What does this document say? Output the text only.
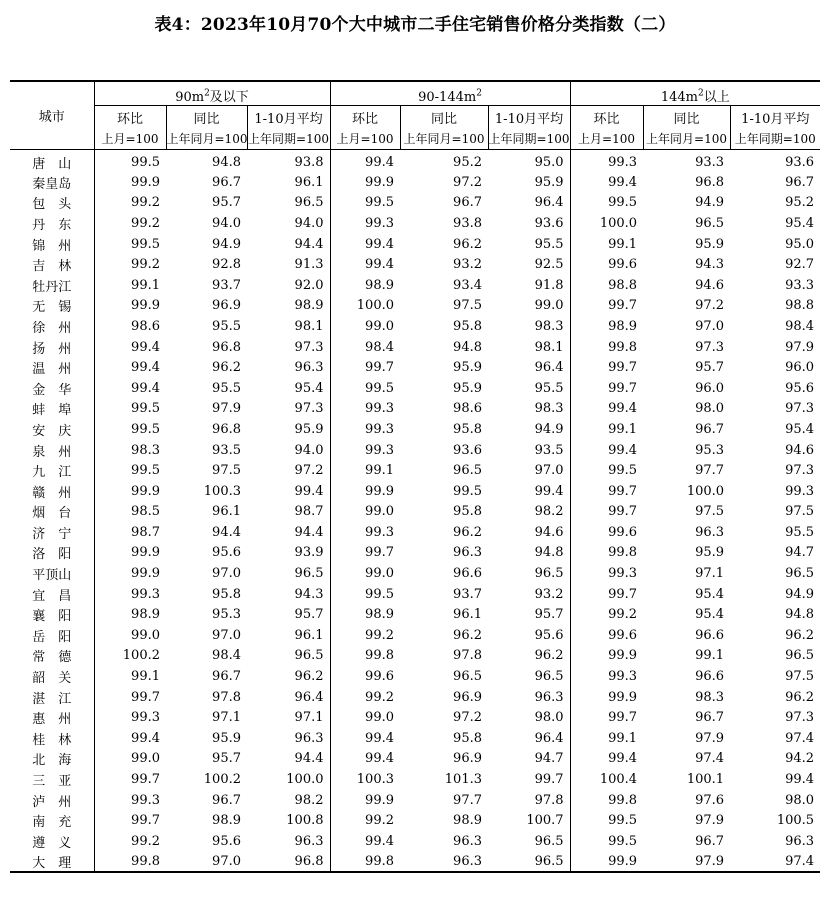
表4：2023年10月70个大中城市二手住宅销售价格分类指数（二）
城市	$90m^2$及以下			$90-144m^2$			$144m^2$以上		
	环比	同比	1-10月平均	环比	同比	1-10月平均	环比	同比	1-10月平均
	上月=100	上年同月=100	上年同期=100	上月=100	上年同月=100	上年同期=100	上月=100	上年同月=100	上年同期=100
唐　山	99.5	94.8	93.8	99.4	95.2	95.0	99.3	93.3	93.6
秦皇岛	99.9	96.7	96.1	99.9	97.2	95.9	99.4	96.8	96.7
包　头	99.2	95.7	96.5	99.5	96.7	96.4	99.5	94.9	95.2
丹　东	99.2	94.0	94.0	99.3	93.8	93.6	100.0	96.5	95.4
锦　州	99.5	94.9	94.4	99.4	96.2	95.5	99.1	95.9	95.0
吉　林	99.2	92.8	91.3	99.4	93.2	92.5	99.6	94.3	92.7
牡丹江	99.1	93.7	92.0	98.9	93.4	91.8	98.8	94.6	93.3
无　锡	99.9	96.9	98.9	100.0	97.5	99.0	99.7	97.2	98.8
徐　州	98.6	95.5	98.1	99.0	95.8	98.3	98.9	97.0	98.4
扬　州	99.4	96.8	97.3	98.4	94.8	98.1	99.8	97.3	97.9
温　州	99.4	96.2	96.3	99.7	95.9	96.4	99.7	95.7	96.0
金　华	99.4	95.5	95.4	99.5	95.9	95.5	99.7	96.0	95.6
蚌　埠	99.5	97.9	97.3	99.3	98.6	98.3	99.4	98.0	97.3
安　庆	99.5	96.8	95.9	99.3	95.8	94.9	99.1	96.7	95.4
泉　州	98.3	93.5	94.0	99.3	93.6	93.5	99.4	95.3	94.6
九　江	99.5	97.5	97.2	99.1	96.5	97.0	99.5	97.7	97.3
赣　州	99.9	100.3	99.4	99.9	99.5	99.4	99.7	100.0	99.3
烟　台	98.5	96.1	98.7	99.0	95.8	98.2	99.7	97.5	97.5
济　宁	98.7	94.4	94.4	99.3	96.2	94.6	99.6	96.3	95.5
洛　阳	99.9	95.6	93.9	99.7	96.3	94.8	99.8	95.9	94.7
平顶山	99.9	97.0	96.5	99.0	96.6	96.5	99.3	97.1	96.5
宜　昌	99.3	95.8	94.3	99.5	93.7	93.2	99.7	95.4	94.9
襄　阳	98.9	95.3	95.7	98.9	96.1	95.7	99.2	95.4	94.8
岳　阳	99.0	97.0	96.1	99.2	96.2	95.6	99.6	96.6	96.2
常　德	100.2	98.4	96.5	99.8	97.8	96.2	99.9	99.1	96.5
韶　关	99.1	96.7	96.2	99.6	96.5	96.5	99.3	96.6	97.5
湛　江	99.7	97.8	96.4	99.2	96.9	96.3	99.9	98.3	96.2
惠　州	99.3	97.1	97.1	99.0	97.2	98.0	99.7	96.7	97.3
桂　林	99.4	95.9	96.3	99.4	95.8	96.4	99.1	97.9	97.4
北　海	99.0	95.7	94.4	99.4	96.9	94.7	99.4	97.4	94.2
三　亚	99.7	100.2	100.0	100.3	101.3	99.7	100.4	100.1	99.4
泸　州	99.3	96.7	98.2	99.9	97.7	97.8	99.8	97.6	98.0
南　充	99.7	98.9	100.8	99.2	98.9	100.7	99.5	97.9	100.5
遵　义	99.2	95.6	96.3	99.4	96.3	96.5	99.5	96.7	96.3
大　理	99.8	97.0	96.8	99.8	96.3	96.5	99.9	97.9	97.4
